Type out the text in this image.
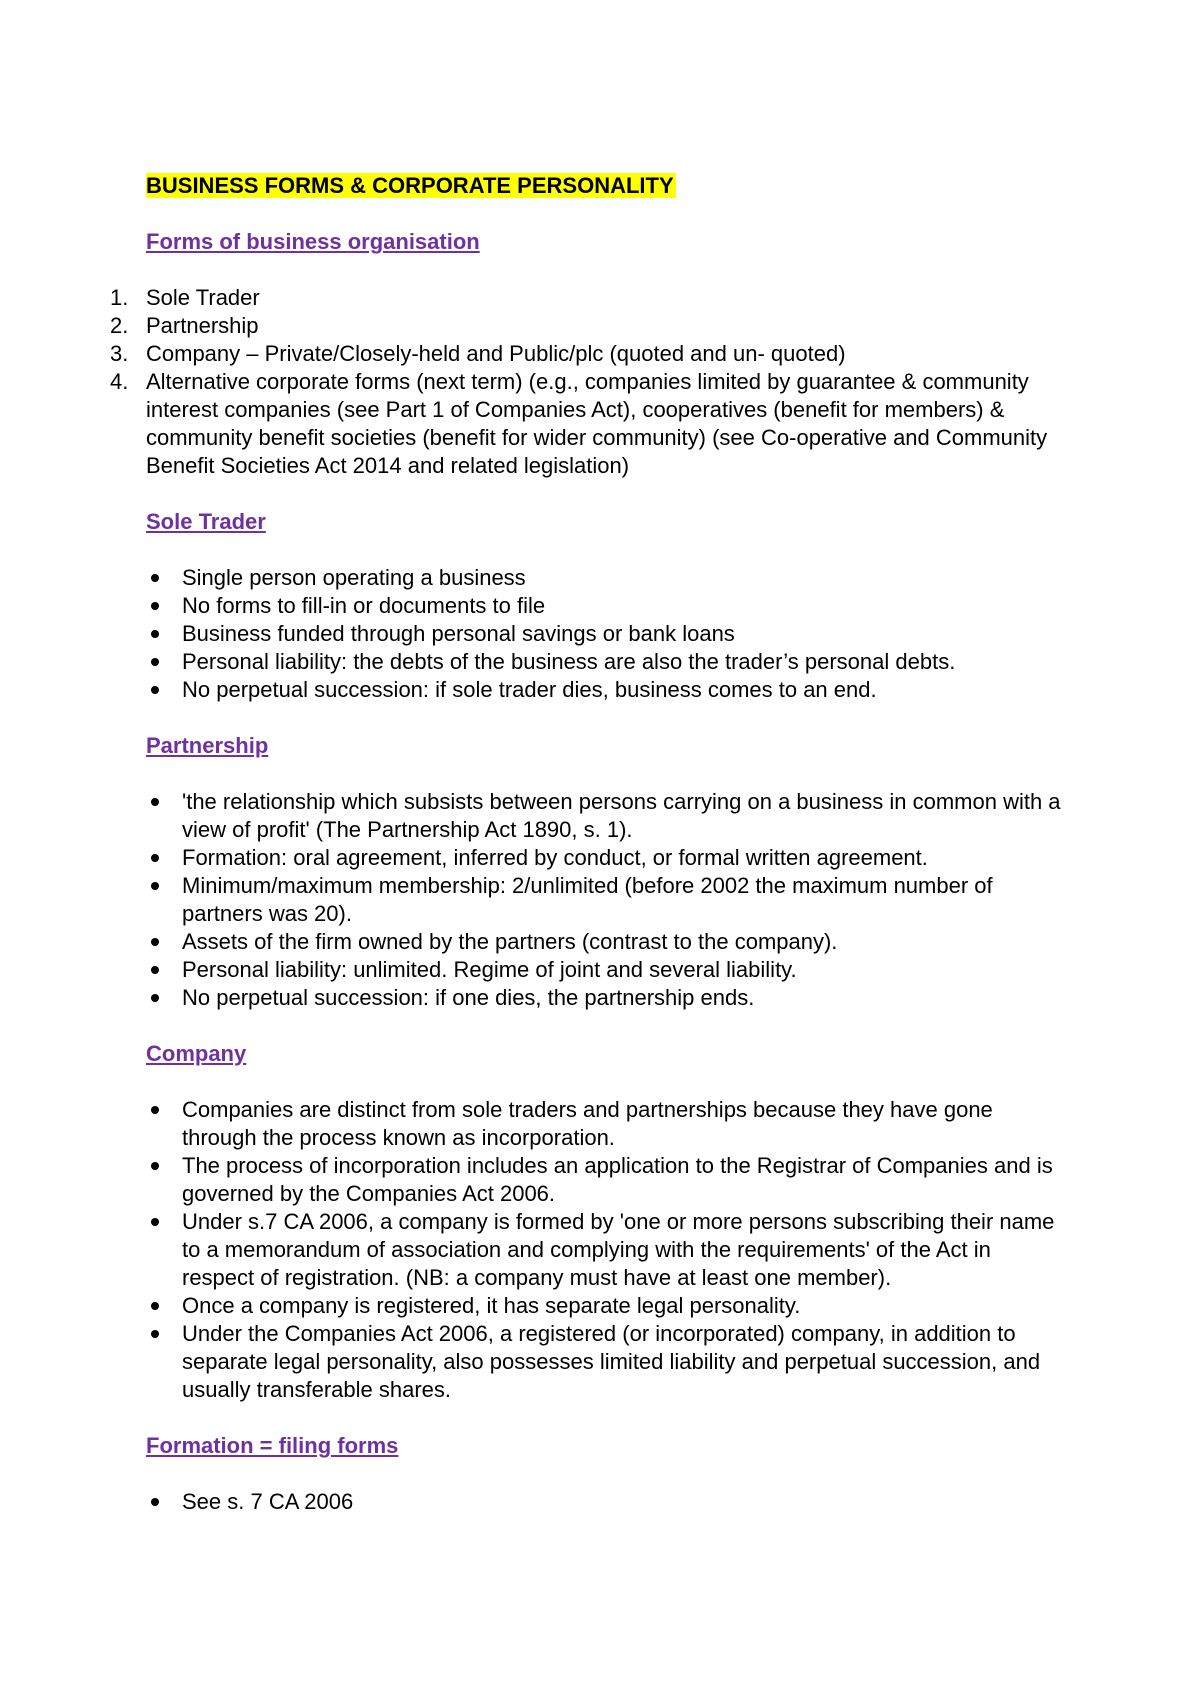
BUSINESS FORMS & CORPORATE PERSONALITY

Forms of business organisation

1. Sole Trader
2. Partnership
3. Company – Private/Closely-held and Public/plc (quoted and un- quoted)
4. Alternative corporate forms (next term) (e.g., companies limited by guarantee & community interest companies (see Part 1 of Companies Act), cooperatives (benefit for members) & community benefit societies (benefit for wider community) (see Co-operative and Community Benefit Societies Act 2014 and related legislation)

Sole Trader

Single person operating a business
No forms to fill-in or documents to file
Business funded through personal savings or bank loans
Personal liability: the debts of the business are also the trader’s personal debts.
No perpetual succession: if sole trader dies, business comes to an end.

Partnership

'the relationship which subsists between persons carrying on a business in common with a view of profit' (The Partnership Act 1890, s. 1).
Formation: oral agreement, inferred by conduct, or formal written agreement.
Minimum/maximum membership: 2/unlimited (before 2002 the maximum number of partners was 20).
Assets of the firm owned by the partners (contrast to the company).
Personal liability: unlimited. Regime of joint and several liability.
No perpetual succession: if one dies, the partnership ends.

Company

Companies are distinct from sole traders and partnerships because they have gone through the process known as incorporation.
The process of incorporation includes an application to the Registrar of Companies and is governed by the Companies Act 2006.
Under s.7 CA 2006, a company is formed by 'one or more persons subscribing their name to a memorandum of association and complying with the requirements' of the Act in respect of registration. (NB: a company must have at least one member).
Once a company is registered, it has separate legal personality.
Under the Companies Act 2006, a registered (or incorporated) company, in addition to separate legal personality, also possesses limited liability and perpetual succession, and usually transferable shares.

Formation = filing forms

See s. 7 CA 2006
